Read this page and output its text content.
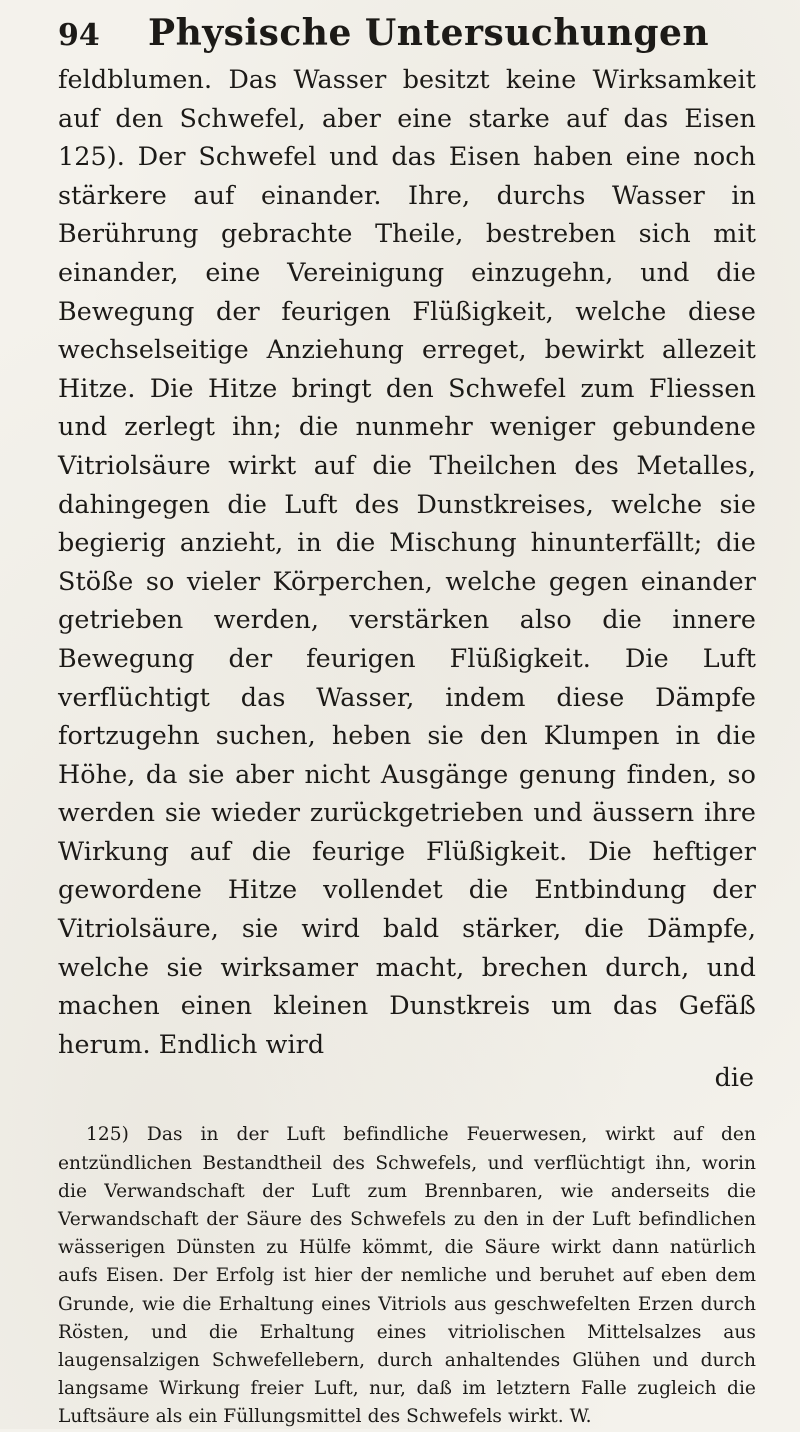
94	Physische Untersuchungen

feldblumen. Das Wasser besitzt keine Wirksamkeit auf den Schwefel, aber eine starke auf das Eisen 125). Der Schwefel und das Eisen haben eine noch stärkere auf einander. Ihre, durchs Wasser in Berührung gebrachte Theile, bestreben sich mit einander, eine Vereinigung einzugehn, und die Bewegung der feurigen Flüßigkeit, welche diese wechselseitige Anziehung erreget, bewirkt allezeit Hitze. Die Hitze bringt den Schwefel zum Fliessen und zerlegt ihn; die nunmehr weniger gebundene Vitriolsäure wirkt auf die Theilchen des Metalles, dahingegen die Luft des Dunstkreises, welche sie begierig anzieht, in die Mischung hinunterfällt; die Stöße so vieler Körperchen, welche gegen einander getrieben werden, verstärken also die innere Bewegung der feurigen Flüßigkeit. Die Luft verflüchtigt das Wasser, indem diese Dämpfe fortzugehn suchen, heben sie den Klumpen in die Höhe, da sie aber nicht Ausgänge genung finden, so werden sie wieder zurückgetrieben und äussern ihre Wirkung auf die feurige Flüßigkeit. Die heftiger gewordene Hitze vollendet die Entbindung der Vitriolsäure, sie wird bald stärker, die Dämpfe, welche sie wirksamer macht, brechen durch, und machen einen kleinen Dunstkreis um das Gefäß herum. Endlich wird

die

125) Das in der Luft befindliche Feuerwesen, wirkt auf den entzündlichen Bestandtheil des Schwefels, und verflüchtigt ihn, worin die Verwandschaft der Luft zum Brennbaren, wie anderseits die Verwandschaft der Säure des Schwefels zu den in der Luft befindlichen wässerigen Dünsten zu Hülfe kömmt, die Säure wirkt dann natürlich aufs Eisen. Der Erfolg ist hier der nemliche und beruhet auf eben dem Grunde, wie die Erhaltung eines Vitriols aus geschwefelten Erzen durch Rösten, und die Erhaltung eines vitriolischen Mittelsalzes aus laugensalzigen Schwefellebern, durch anhaltendes Glühen und durch langsame Wirkung freier Luft, nur, daß im letztern Falle zugleich die Luftsäure als ein Füllungsmittel des Schwefels wirkt. W.
